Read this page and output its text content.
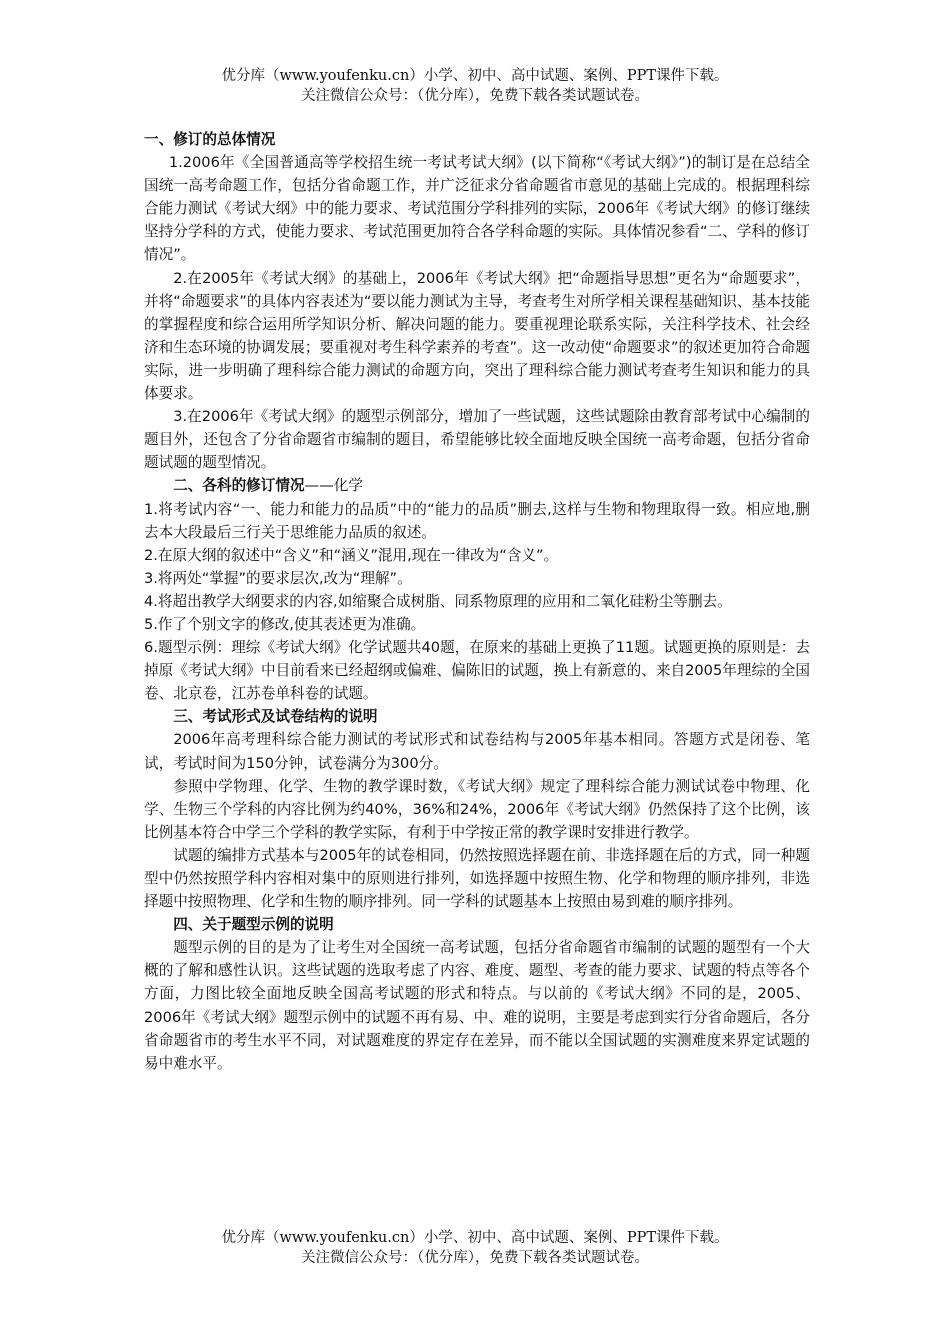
优分库（www.youfenku.cn）小学、初中、高中试题、案例、PPT课件下载。
关注微信公众号：（优分库），免费下载各类试题试卷。

一、修订的总体情况

1.2006年《全国普通高等学校招生统一考试考试大纲》(以下简称“《考试大纲》”)的制订是在总结全国统一高考命题工作，包括分省命题工作，并广泛征求分省命题省市意见的基础上完成的。根据理科综合能力测试《考试大纲》中的能力要求、考试范围分学科排列的实际，2006年《考试大纲》的修订继续坚持分学科的方式，使能力要求、考试范围更加符合各学科命题的实际。具体情况参看“二、学科的修订情况”。

2.在2005年《考试大纲》的基础上，2006年《考试大纲》把“命题指导思想”更名为“命题要求”，并将“命题要求”的具体内容表述为“要以能力测试为主导，考查考生对所学相关课程基础知识、基本技能的掌握程度和综合运用所学知识分析、解决问题的能力。要重视理论联系实际，关注科学技术、社会经济和生态环境的协调发展；要重视对考生科学素养的考查”。这一改动使“命题要求”的叙述更加符合命题实际，进一步明确了理科综合能力测试的命题方向，突出了理科综合能力测试考查考生知识和能力的具体要求。

3.在2006年《考试大纲》的题型示例部分，增加了一些试题，这些试题除由教育部考试中心编制的题目外，还包含了分省命题省市编制的题目，希望能够比较全面地反映全国统一高考命题，包括分省命题试题的题型情况。

二、各科的修订情况——化学

1.将考试内容“一、能力和能力的品质”中的“能力的品质”删去,这样与生物和物理取得一致。相应地,删去本大段最后三行关于思维能力品质的叙述。

2.在原大纲的叙述中“含义”和“涵义”混用,现在一律改为“含义”。

3.将两处“掌握”的要求层次,改为“理解”。

4.将超出教学大纲要求的内容,如缩聚合成树脂、同系物原理的应用和二氧化硅粉尘等删去。

5.作了个别文字的修改,使其表述更为准确。

6.题型示例：理综《考试大纲》化学试题共40题，在原来的基础上更换了11题。试题更换的原则是：去掉原《考试大纲》中目前看来已经超纲或偏难、偏陈旧的试题，换上有新意的、来自2005年理综的全国卷、北京卷，江苏卷单科卷的试题。

三、考试形式及试卷结构的说明

2006年高考理科综合能力测试的考试形式和试卷结构与2005年基本相同。答题方式是闭卷、笔试，考试时间为150分钟，试卷满分为300分。

参照中学物理、化学、生物的教学课时数，《考试大纲》规定了理科综合能力测试试卷中物理、化学、生物三个学科的内容比例为约40%，36%和24%，2006年《考试大纲》仍然保持了这个比例，该比例基本符合中学三个学科的教学实际，有利于中学按正常的教学课时安排进行教学。

试题的编排方式基本与2005年的试卷相同，仍然按照选择题在前、非选择题在后的方式，同一种题型中仍然按照学科内容相对集中的原则进行排列，如选择题中按照生物、化学和物理的顺序排列，非选择题中按照物理、化学和生物的顺序排列。同一学科的试题基本上按照由易到难的顺序排列。

四、关于题型示例的说明

题型示例的目的是为了让考生对全国统一高考试题，包括分省命题省市编制的试题的题型有一个大概的了解和感性认识。这些试题的选取考虑了内容、难度、题型、考查的能力要求、试题的特点等各个方面，力图比较全面地反映全国高考试题的形式和特点。与以前的《考试大纲》不同的是，2005、2006年《考试大纲》题型示例中的试题不再有易、中、难的说明，主要是考虑到实行分省命题后，各分省命题省市的考生水平不同，对试题难度的界定存在差异，而不能以全国试题的实测难度来界定试题的易中难水平。

优分库（www.youfenku.cn）小学、初中、高中试题、案例、PPT课件下载。
关注微信公众号：（优分库），免费下载各类试题试卷。
